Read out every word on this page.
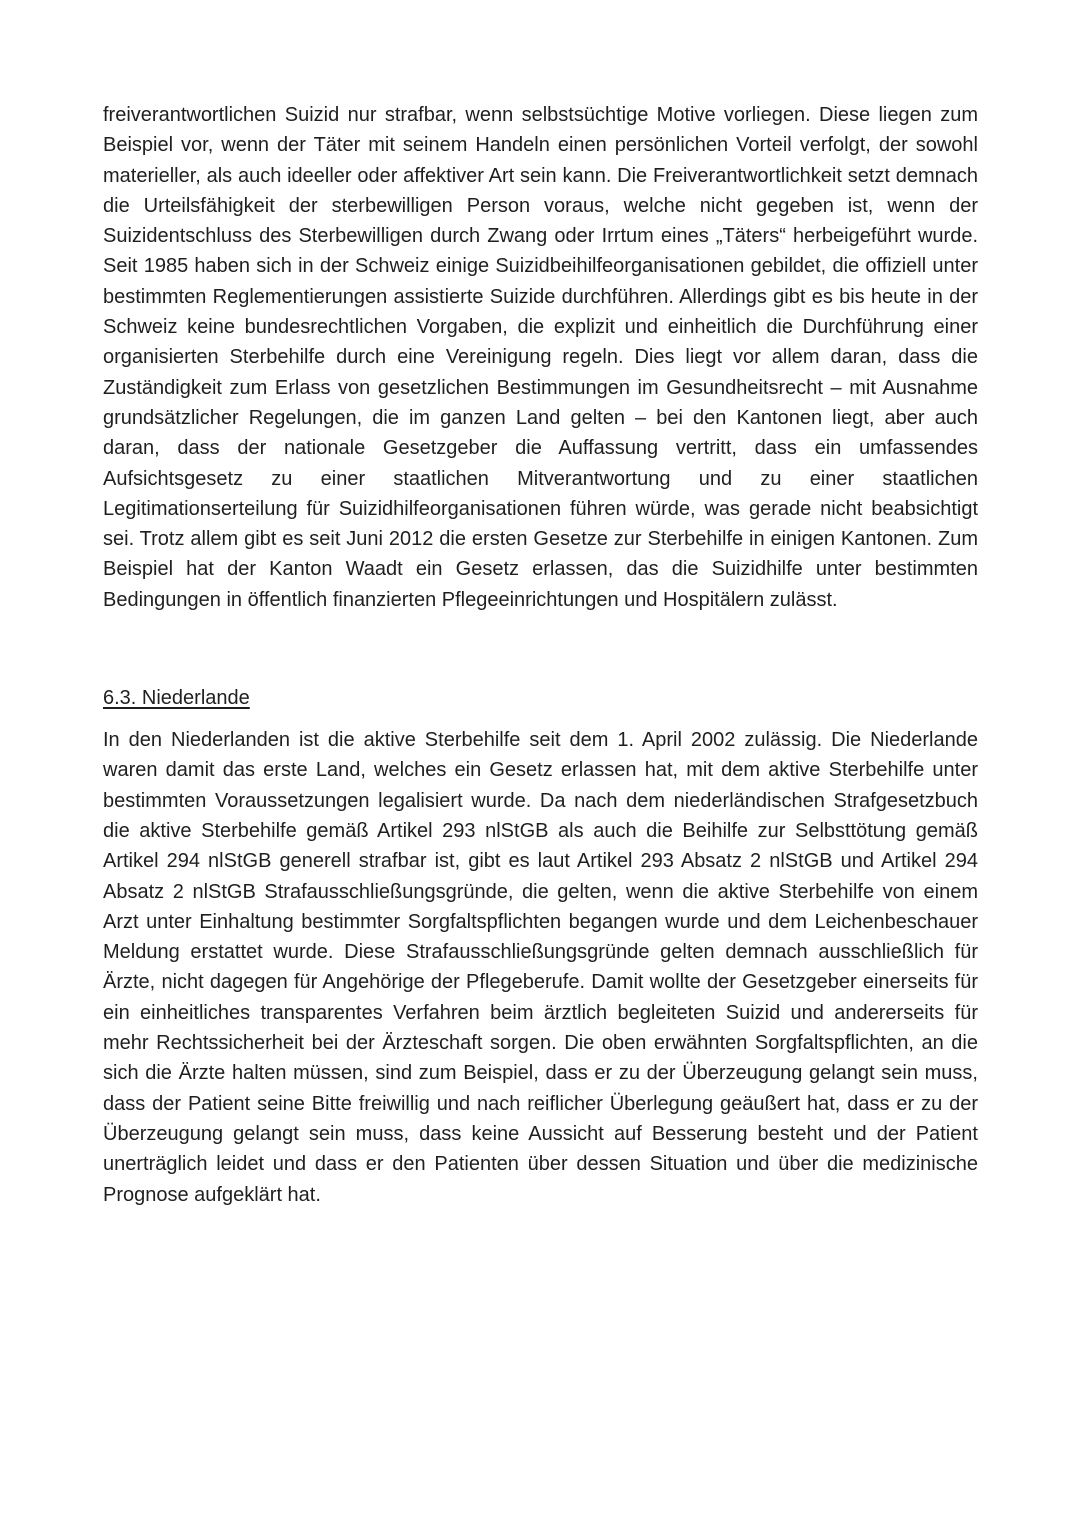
freiverantwortlichen Suizid nur strafbar, wenn selbstsüchtige Motive vorliegen. Diese liegen zum Beispiel vor, wenn der Täter mit seinem Handeln einen persönlichen Vorteil verfolgt, der sowohl materieller, als auch ideeller oder affektiver Art sein kann. Die Freiverantwortlichkeit setzt demnach die Urteilsfähigkeit der sterbewilligen Person voraus, welche nicht gegeben ist, wenn der Suizidentschluss des Sterbewilligen durch Zwang oder Irrtum eines „Täters“ herbeigeführt wurde. Seit 1985 haben sich in der Schweiz einige Suizidbeihilfeorganisationen gebildet, die offiziell unter bestimmten Reglementierungen assistierte Suizide durchführen. Allerdings gibt es bis heute in der Schweiz keine bundesrechtlichen Vorgaben, die explizit und einheitlich die Durchführung einer organisierten Sterbehilfe durch eine Vereinigung regeln. Dies liegt vor allem daran, dass die Zuständigkeit zum Erlass von gesetzlichen Bestimmungen im Gesundheitsrecht – mit Ausnahme grundsätzlicher Regelungen, die im ganzen Land gelten – bei den Kantonen liegt, aber auch daran, dass der nationale Gesetzgeber die Auffassung vertritt, dass ein umfassendes Aufsichtsgesetz zu einer staatlichen Mitverantwortung und zu einer staatlichen Legitimationserteilung für Suizidhilfeorganisationen führen würde, was gerade nicht beabsichtigt sei. Trotz allem gibt es seit Juni 2012 die ersten Gesetze zur Sterbehilfe in einigen Kantonen. Zum Beispiel hat der Kanton Waadt ein Gesetz erlassen, das die Suizidhilfe unter bestimmten Bedingungen in öffentlich finanzierten Pflegeeinrichtungen und Hospitälern zulässt.

6.3. Niederlande

In den Niederlanden ist die aktive Sterbehilfe seit dem 1. April 2002 zulässig. Die Niederlande waren damit das erste Land, welches ein Gesetz erlassen hat, mit dem aktive Sterbehilfe unter bestimmten Voraussetzungen legalisiert wurde. Da nach dem niederländischen Strafgesetzbuch die aktive Sterbehilfe gemäß Artikel 293 nlStGB als auch die Beihilfe zur Selbsttötung gemäß Artikel 294 nlStGB generell strafbar ist, gibt es laut Artikel 293 Absatz 2 nlStGB und Artikel 294 Absatz 2 nlStGB Strafausschließungsgründe, die gelten, wenn die aktive Sterbehilfe von einem Arzt unter Einhaltung bestimmter Sorgfaltspflichten begangen wurde und dem Leichenbeschauer Meldung erstattet wurde. Diese Strafausschließungsgründe gelten demnach ausschließlich für Ärzte, nicht dagegen für Angehörige der Pflegeberufe. Damit wollte der Gesetzgeber einerseits für ein einheitliches transparentes Verfahren beim ärztlich begleiteten Suizid und andererseits für mehr Rechtssicherheit bei der Ärzteschaft sorgen. Die oben erwähnten Sorgfaltspflichten, an die sich die Ärzte halten müssen, sind zum Beispiel, dass er zu der Überzeugung gelangt sein muss, dass der Patient seine Bitte freiwillig und nach reiflicher Überlegung geäußert hat, dass er zu der Überzeugung gelangt sein muss, dass keine Aussicht auf Besserung besteht und der Patient unerträglich leidet und dass er den Patienten über dessen Situation und über die medizinische Prognose aufgeklärt hat.
